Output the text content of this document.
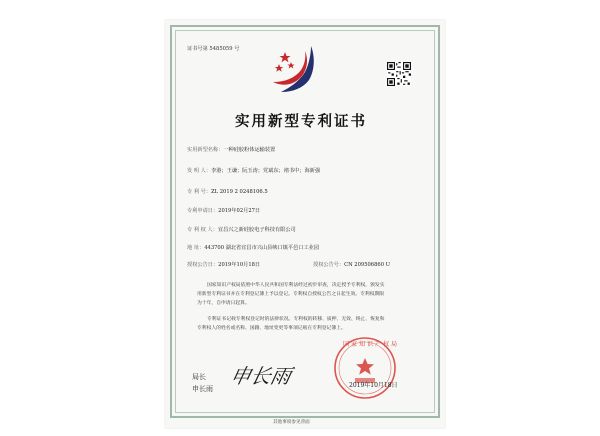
证书号第 5485059 号
实用新型专利证书
实用新型名称：一种硅胶粉体运输装置
发 明 人：李港；王谦；阮玉涛；党斌东；褚书中；海新强
专 利 号：ZL 2019 2 0248106.5
专利申请日：2019年02月27日
专 利 权 人：宜昌兴之新硅胶电子科技有限公司
地 址：443700 湖北省宜昌市兴山县峡口镇平邑口工业园
授权公告日：2019年10月18日	授权公告号：CN 209506860 U

国家知识产权局依照中华人民共和国专利法经过初步审查，决定授予专利权，颁发实用新型专利证书并在专利登记簿上予以登记。专利权自授权公告之日起生效。专利权期限为十年，自申请日起算。

专利证书记载专利权登记时的法律状况。专利权的转移、质押、无效、终止、恢复和专利权人的姓名或名称、国籍、地址变更等事项记载在专利登记簿上。

局长
申长雨
申长雨
国家知识产权局
2019年10月18日
其他事项参见背面
